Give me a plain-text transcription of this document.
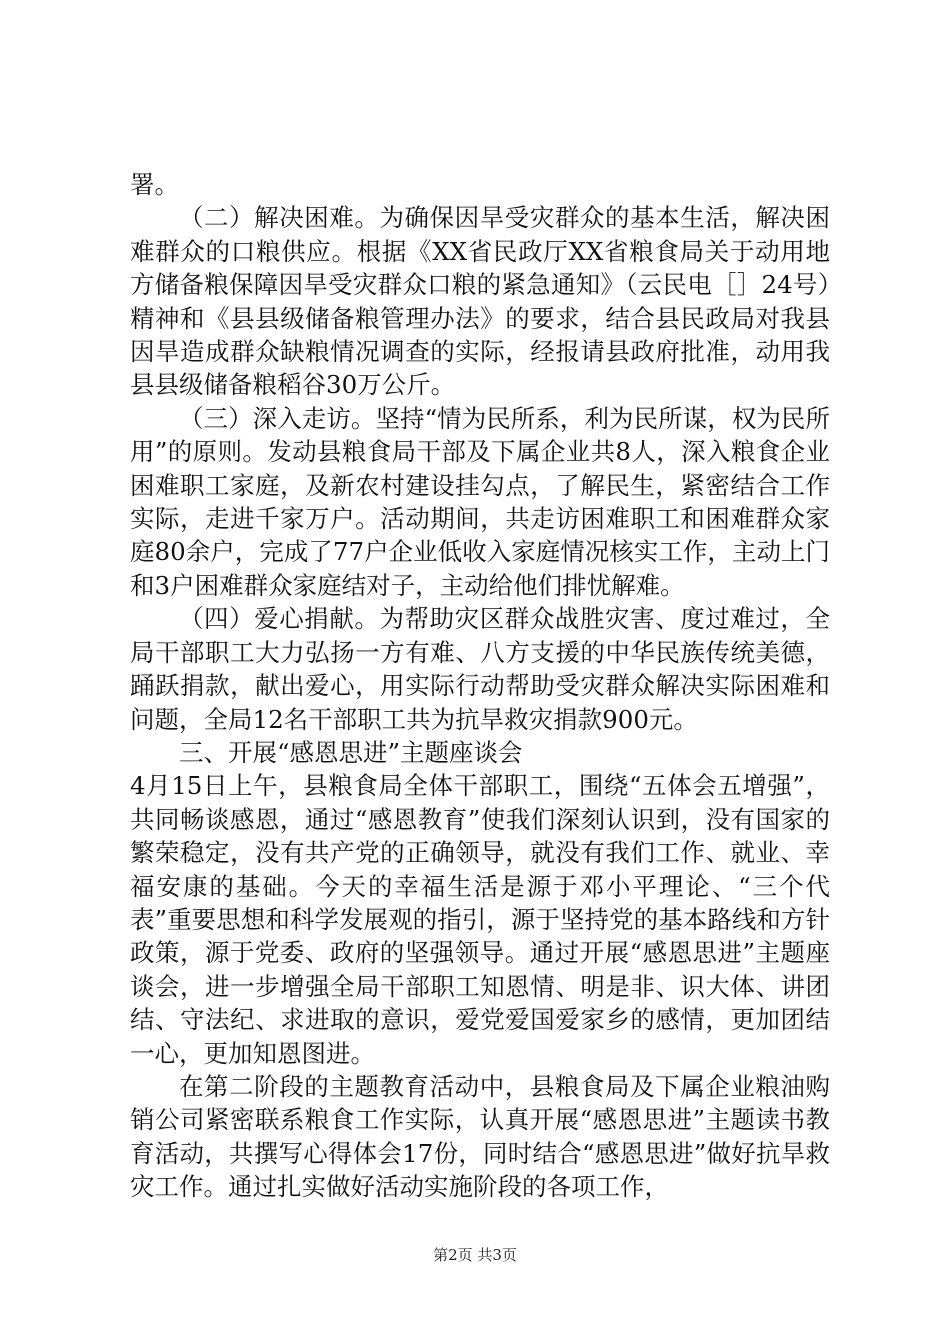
署。

（二）解决困难。为确保因旱受灾群众的基本生活，解决困难群众的口粮供应。根据《XX省民政厅XX省粮食局关于动用地方储备粮保障因旱受灾群众口粮的紧急通知》（云民电［］24号）精神和《县县级储备粮管理办法》的要求，结合县民政局对我县因旱造成群众缺粮情况调查的实际，经报请县政府批准，动用我县县级储备粮稻谷30万公斤。

（三）深入走访。坚持“情为民所系，利为民所谋，权为民所用”的原则。发动县粮食局干部及下属企业共8人，深入粮食企业困难职工家庭，及新农村建设挂勾点，了解民生，紧密结合工作实际，走进千家万户。活动期间，共走访困难职工和困难群众家庭80余户，完成了77户企业低收入家庭情况核实工作，主动上门和3户困难群众家庭结对子，主动给他们排忧解难。

（四）爱心捐献。为帮助灾区群众战胜灾害、度过难过，全局干部职工大力弘扬一方有难、八方支援的中华民族传统美德，踊跃捐款，献出爱心，用实际行动帮助受灾群众解决实际困难和问题，全局12名干部职工共为抗旱救灾捐款900元。

三、开展“感恩思进”主题座谈会

4月15日上午，县粮食局全体干部职工，围绕“五体会五增强”，共同畅谈感恩，通过“感恩教育”使我们深刻认识到，没有国家的繁荣稳定，没有共产党的正确领导，就没有我们工作、就业、幸福安康的基础。今天的幸福生活是源于邓小平理论、“三个代表”重要思想和科学发展观的指引，源于坚持党的基本路线和方针政策，源于党委、政府的坚强领导。通过开展“感恩思进”主题座谈会，进一步增强全局干部职工知恩情、明是非、识大体、讲团结、守法纪、求进取的意识，爱党爱国爱家乡的感情，更加团结一心，更加知恩图进。

在第二阶段的主题教育活动中，县粮食局及下属企业粮油购销公司紧密联系粮食工作实际，认真开展“感恩思进”主题读书教育活动，共撰写心得体会17份，同时结合“感恩思进”做好抗旱救灾工作。通过扎实做好活动实施阶段的各项工作，

第2页 共3页
